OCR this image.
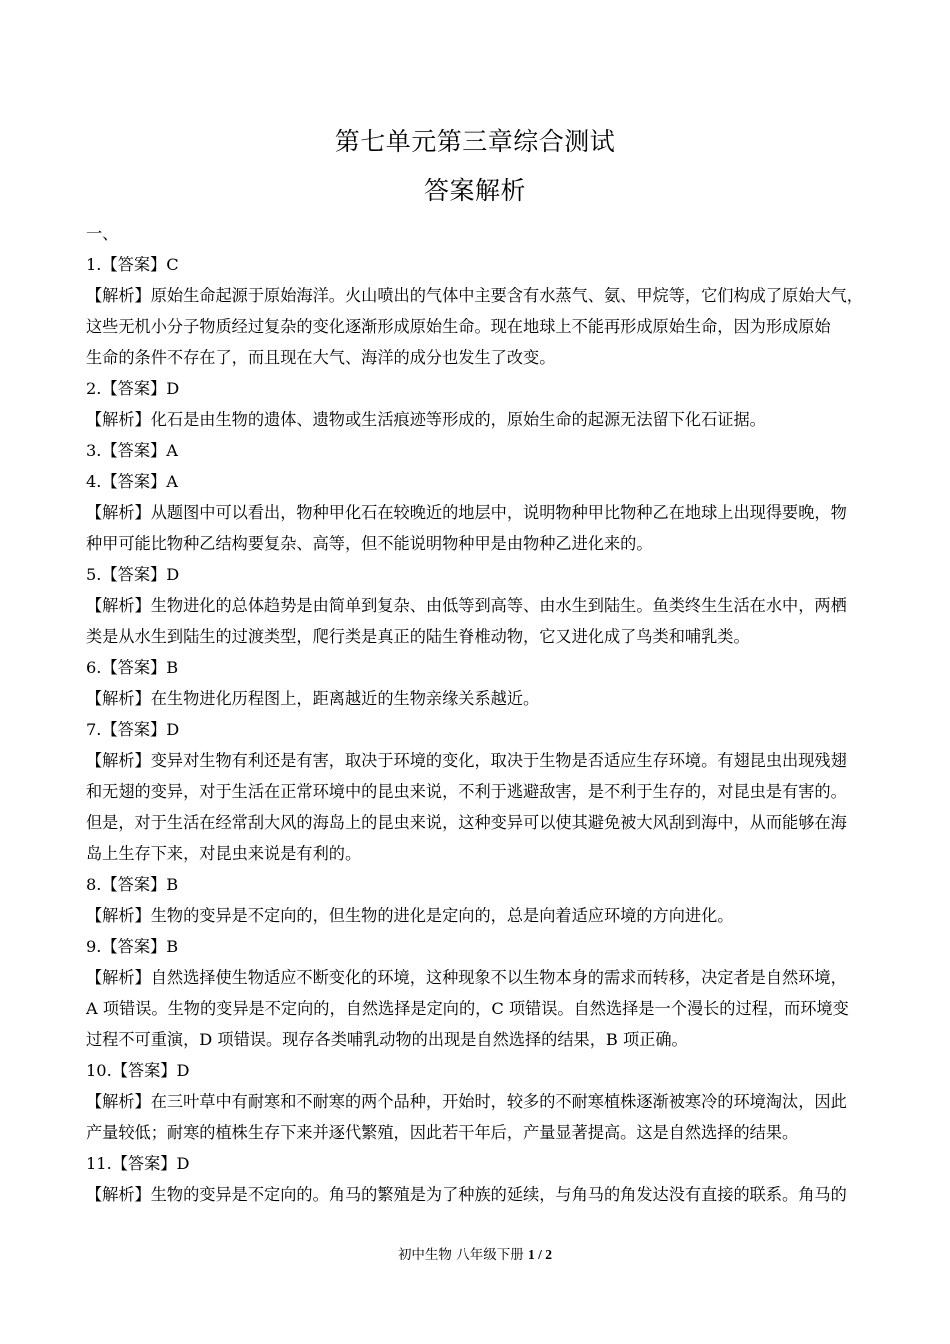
第七单元第三章综合测试
答案解析
一、
1.【答案】C
【解析】原始生命起源于原始海洋。火山喷出的气体中主要含有水蒸气、氨、甲烷等，它们构成了原始大气，
这些无机小分子物质经过复杂的变化逐渐形成原始生命。现在地球上不能再形成原始生命，因为形成原始
生命的条件不存在了，而且现在大气、海洋的成分也发生了改变。
2.【答案】D
【解析】化石是由生物的遗体、遗物或生活痕迹等形成的，原始生命的起源无法留下化石证据。
3.【答案】A
4.【答案】A
【解析】从题图中可以看出，物种甲化石在较晚近的地层中，说明物种甲比物种乙在地球上出现得要晚，物
种甲可能比物种乙结构要复杂、高等，但不能说明物种甲是由物种乙进化来的。
5.【答案】D
【解析】生物进化的总体趋势是由简单到复杂、由低等到高等、由水生到陆生。鱼类终生生活在水中，两栖
类是从水生到陆生的过渡类型，爬行类是真正的陆生脊椎动物，它又进化成了鸟类和哺乳类。
6.【答案】B
【解析】在生物进化历程图上，距离越近的生物亲缘关系越近。
7.【答案】D
【解析】变异对生物有利还是有害，取决于环境的变化，取决于生物是否适应生存环境。有翅昆虫出现残翅
和无翅的变异，对于生活在正常环境中的昆虫来说，不利于逃避敌害，是不利于生存的，对昆虫是有害的。
但是，对于生活在经常刮大风的海岛上的昆虫来说，这种变异可以使其避免被大风刮到海中，从而能够在海
岛上生存下来，对昆虫来说是有利的。
8.【答案】B
【解析】生物的变异是不定向的，但生物的进化是定向的，总是向着适应环境的方向进化。
9.【答案】B
【解析】自然选择使生物适应不断变化的环境，这种现象不以生物本身的需求而转移，决定者是自然环境，
A 项错误。生物的变异是不定向的，自然选择是定向的，C 项错误。自然选择是一个漫长的过程，而环境变
过程不可重演，D 项错误。现存各类哺乳动物的出现是自然选择的结果，B 项正确。
10.【答案】D
【解析】在三叶草中有耐寒和不耐寒的两个品种，开始时，较多的不耐寒植株逐渐被寒冷的环境淘汰，因此
产量较低；耐寒的植株生存下来并逐代繁殖，因此若干年后，产量显著提高。这是自然选择的结果。
11.【答案】D
【解析】生物的变异是不定向的。角马的繁殖是为了种族的延续，与角马的角发达没有直接的联系。角马的
初中生物 八年级下册 1 / 2
